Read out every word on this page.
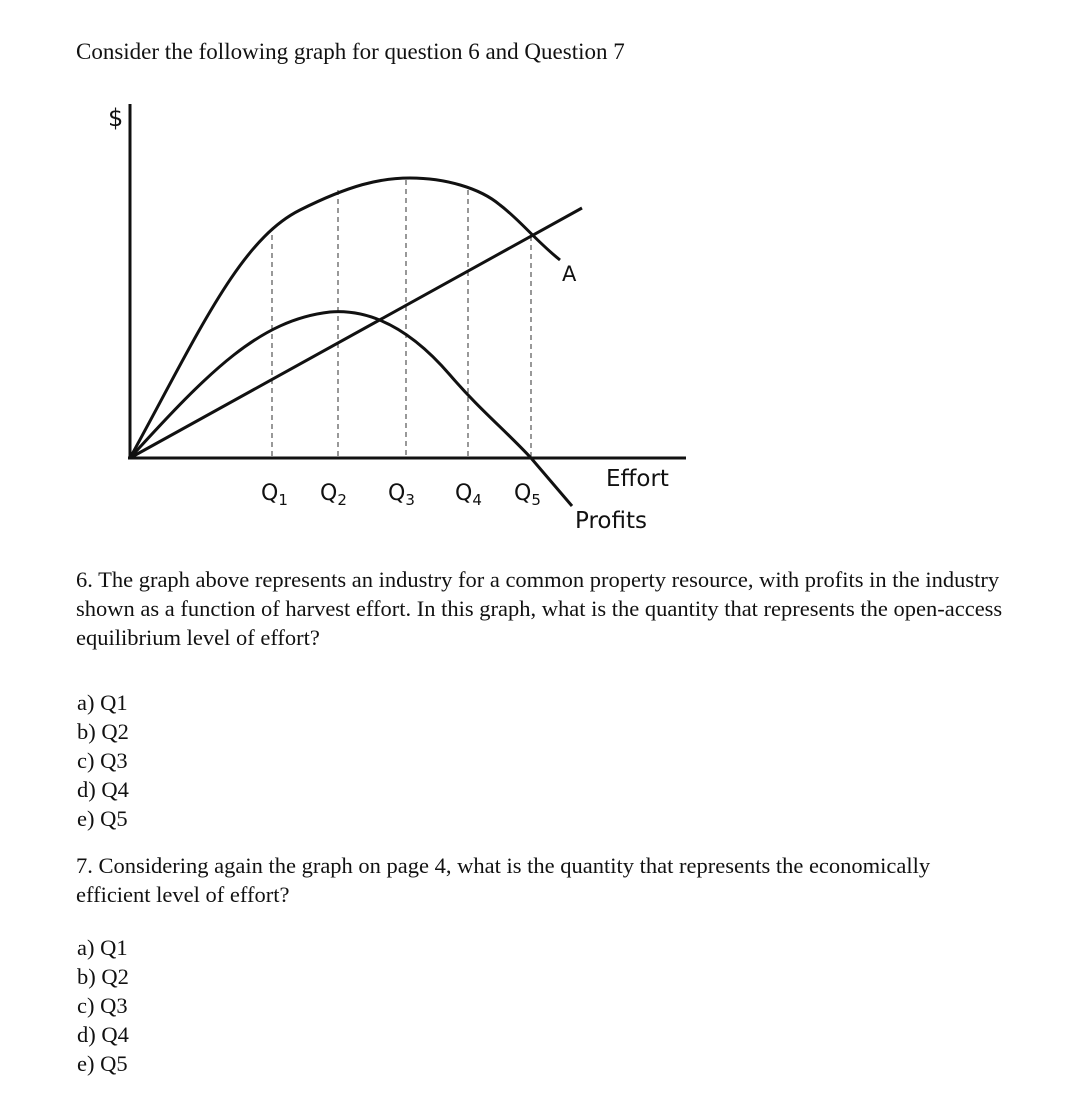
Consider the following graph for question 6 and Question 7
$
A
Effort
Profits
$Q_1$ $Q_2$ $Q_3$ $Q_4$ $Q_5$

6. The graph above represents an industry for a common property resource, with profits in the industry shown as a function of harvest effort. In this graph, what is the quantity that represents the open-access equilibrium level of effort?

a) Q1
b) Q2
c) Q3
d) Q4
e) Q5

7. Considering again the graph on page 4, what is the quantity that represents the economically efficient level of effort?

a) Q1
b) Q2
c) Q3
d) Q4
e) Q5
